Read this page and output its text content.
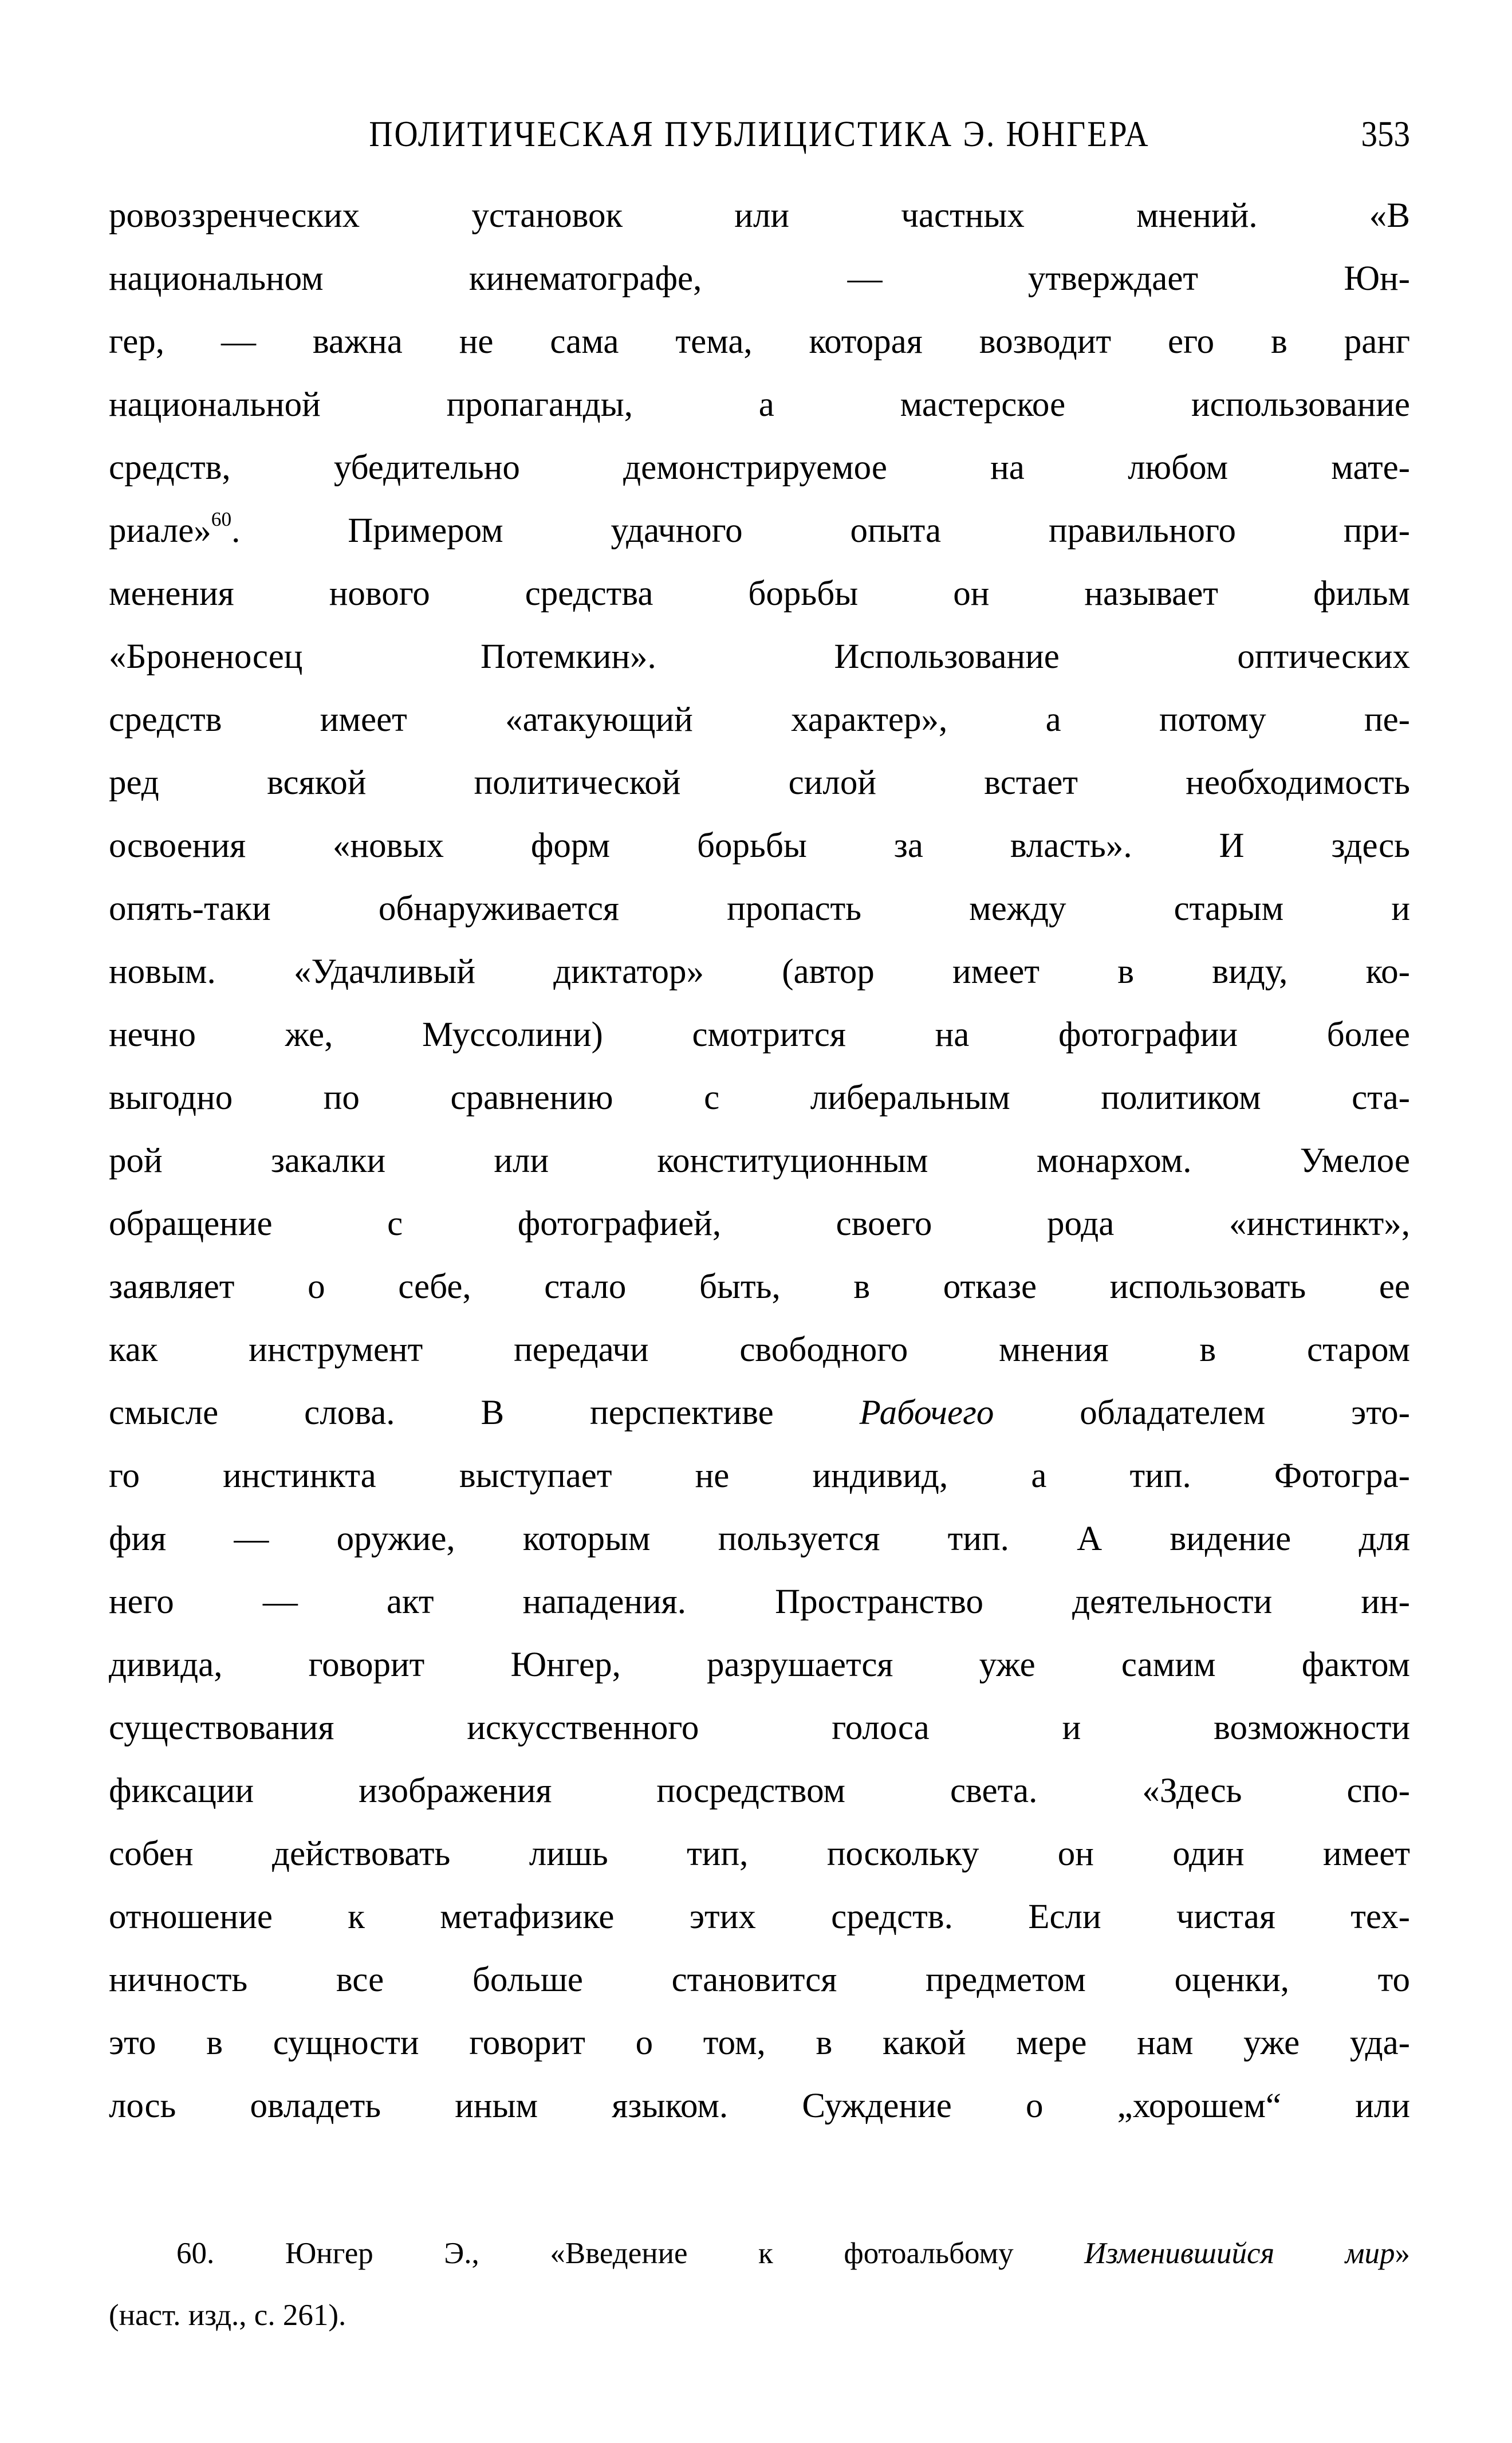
ПОЛИТИЧЕСКАЯ ПУБЛИЦИСТИКА Э. ЮНГЕРА	353
ровоззренческих установок или частных мнений. «В
национальном кинематографе, — утверждает Юн-
гер, — важна не сама тема, которая возводит его в ранг
национальной пропаганды, а мастерское использование
средств, убедительно демонстрируемое на любом мате-
риале»$^{60}$. Примером удачного опыта правильного при-
менения нового средства борьбы он называет фильм
«Броненосец Потемкин». Использование оптических
средств имеет «атакующий характер», а потому пе-
ред всякой политической силой встает необходимость
освоения «новых форм борьбы за власть». И здесь
опять-таки обнаруживается пропасть между старым и
новым. «Удачливый диктатор» (автор имеет в виду, ко-
нечно же, Муссолини) смотрится на фотографии более
выгодно по сравнению с либеральным политиком ста-
рой закалки или конституционным монархом. Умелое
обращение с фотографией, своего рода «инстинкт»,
заявляет о себе, стало быть, в отказе использовать ее
как инструмент передачи свободного мнения в старом
смысле слова. В перспективе Рабочего обладателем это-
го инстинкта выступает не индивид, а тип. Фотогра-
фия — оружие, которым пользуется тип. А видение для
него — акт нападения. Пространство деятельности ин-
дивида, говорит Юнгер, разрушается уже самим фактом
существования искусственного голоса и возможности
фиксации изображения посредством света. «Здесь спо-
собен действовать лишь тип, поскольку он один имеет
отношение к метафизике этих средств. Если чистая тех-
ничность все больше становится предметом оценки, то
это в сущности говорит о том, в какой мере нам уже уда-
лось овладеть иным языком. Суждение о „хорошем“ или
60. Юнгер Э., «Введение к фотоальбому Изменившийся мир»
(наст. изд., с. 261).
